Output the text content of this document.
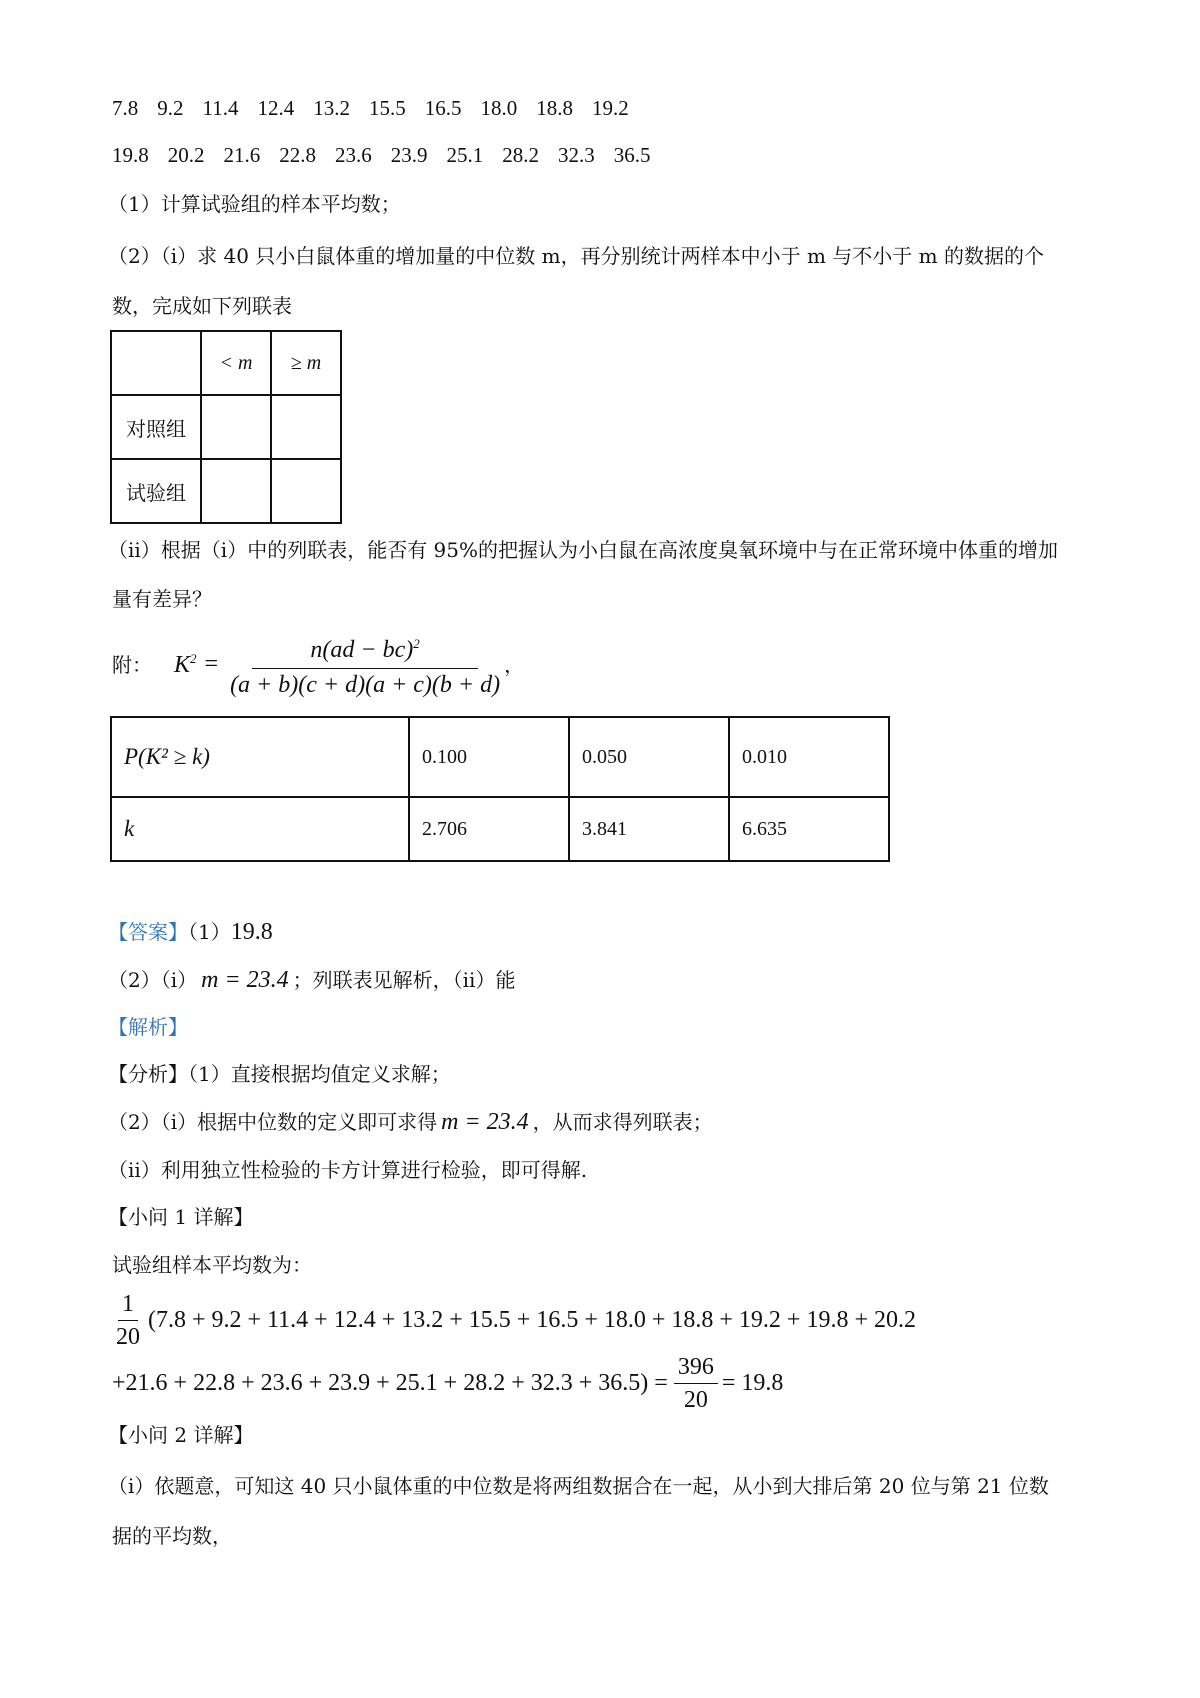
7.8 9.2 11.4 12.4 13.2 15.5 16.5 18.0 18.8 19.2
19.8 20.2 21.6 22.8 23.6 23.9 25.1 28.2 32.3 36.5
（1）计算试验组的样本平均数；
（2）（i）求 40 只小白鼠体重的增加量的中位数 m，再分别统计两样本中小于 m 与不小于 m 的数据的个
数，完成如下列联表
	< m	≥ m
对照组		
试验组		
（ii）根据（i）中的列联表，能否有 95%的把握认为小白鼠在高浓度臭氧环境中与在正常环境中体重的增加
量有差异？
附： $K^2 = \frac{n(ad - bc)^2}{(a + b)(c + d)(a + c)(b + d)}$ ，
P(K² ≥ k)	0.100	0.050	0.010
k	2.706	3.841	6.635
【答案】（1）19.8
（2）（i） m = 23.4 ；列联表见解析，（ii）能
【解析】
【分析】（1）直接根据均值定义求解；
（2）（i）根据中位数的定义即可求得 m = 23.4 ，从而求得列联表；
（ii）利用独立性检验的卡方计算进行检验，即可得解.
【小问 1 详解】
试验组样本平均数为：
$\frac{1}{20} (7.8 + 9.2 + 11.4 + 12.4 + 13.2 + 15.5 + 16.5 + 18.0 + 18.8 + 19.2 + 19.8 + 20.2$
$+21.6 + 22.8 + 23.6 + 23.9 + 25.1 + 28.2 + 32.3 + 36.5) = \frac{396}{20} = 19.8$
【小问 2 详解】
（i）依题意，可知这 40 只小鼠体重的中位数是将两组数据合在一起，从小到大排后第 20 位与第 21 位数
据的平均数，
